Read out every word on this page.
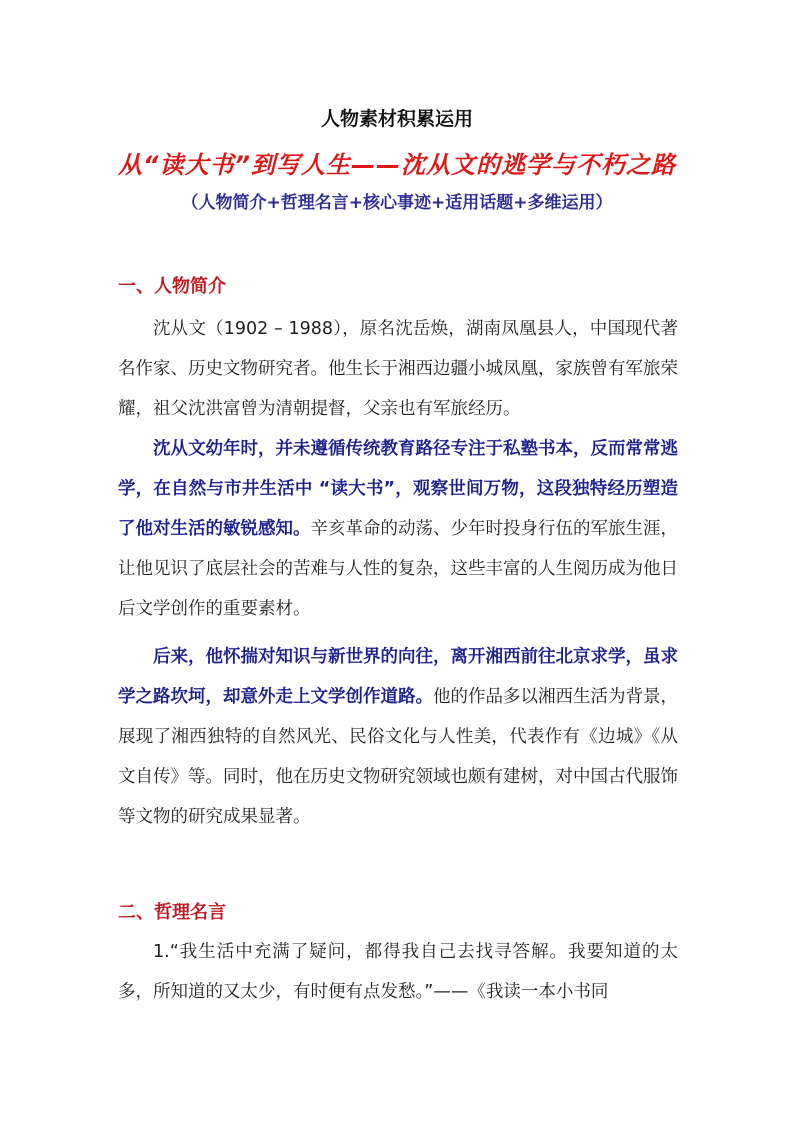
人物素材积累运用
从“读大书”到写人生——沈从文的逃学与不朽之路
（人物简介+哲理名言+核心事迹+适用话题+多维运用）
一、人物简介
沈从文（1902 – 1988），原名沈岳焕，湖南凤凰县人，中国现代著名作家、历史文物研究者。他生长于湘西边疆小城凤凰，家族曾有军旅荣耀，祖父沈洪富曾为清朝提督，父亲也有军旅经历。
沈从文幼年时，并未遵循传统教育路径专注于私塾书本，反而常常逃学，在自然与市井生活中 “读大书”，观察世间万物，这段独特经历塑造了他对生活的敏锐感知。辛亥革命的动荡、少年时投身行伍的军旅生涯，让他见识了底层社会的苦难与人性的复杂，这些丰富的人生阅历成为他日后文学创作的重要素材。
后来，他怀揣对知识与新世界的向往，离开湘西前往北京求学，虽求学之路坎坷，却意外走上文学创作道路。他的作品多以湘西生活为背景，展现了湘西独特的自然风光、民俗文化与人性美，代表作有《边城》《从文自传》等。同时，他在历史文物研究领域也颇有建树，对中国古代服饰等文物的研究成果显著。
二、哲理名言
1.“我生活中充满了疑问，都得我自己去找寻答解。我要知道的太多，所知道的又太少，有时便有点发愁。”——《我读一本小书同
